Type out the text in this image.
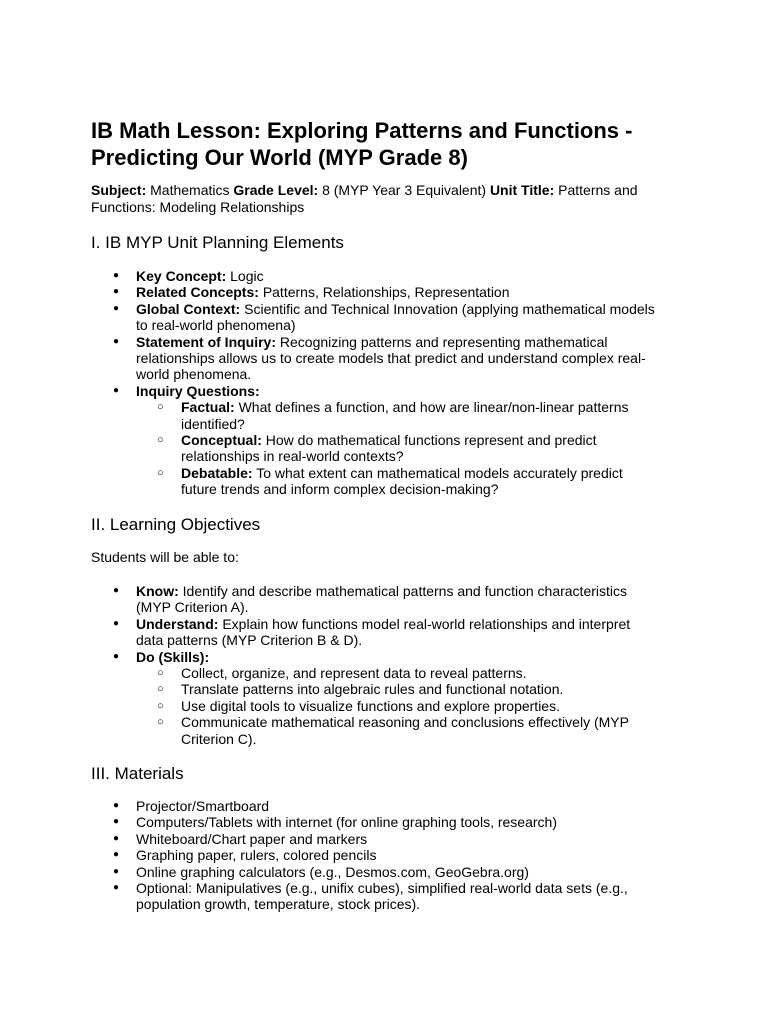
IB Math Lesson: Exploring Patterns and Functions - Predicting Our World (MYP Grade 8)

Subject: Mathematics Grade Level: 8 (MYP Year 3 Equivalent) Unit Title: Patterns and Functions: Modeling Relationships

I. IB MYP Unit Planning Elements
● Key Concept: Logic
● Related Concepts: Patterns, Relationships, Representation
● Global Context: Scientific and Technical Innovation (applying mathematical models to real-world phenomena)
● Statement of Inquiry: Recognizing patterns and representing mathematical relationships allows us to create models that predict and understand complex real-world phenomena.
● Inquiry Questions:
○ Factual: What defines a function, and how are linear/non-linear patterns identified?
○ Conceptual: How do mathematical functions represent and predict relationships in real-world contexts?
○ Debatable: To what extent can mathematical models accurately predict future trends and inform complex decision-making?
II. Learning Objectives

Students will be able to:

● Know: Identify and describe mathematical patterns and function characteristics (MYP Criterion A).
● Understand: Explain how functions model real-world relationships and interpret data patterns (MYP Criterion B & D).
● Do (Skills):
○ Collect, organize, and represent data to reveal patterns.
○ Translate patterns into algebraic rules and functional notation.
○ Use digital tools to visualize functions and explore properties.
○ Communicate mathematical reasoning and conclusions effectively (MYP Criterion C).
III. Materials
● Projector/Smartboard
● Computers/Tablets with internet (for online graphing tools, research)
● Whiteboard/Chart paper and markers
● Graphing paper, rulers, colored pencils
● Online graphing calculators (e.g., Desmos.com, GeoGebra.org)
● Optional: Manipulatives (e.g., unifix cubes), simplified real-world data sets (e.g., population growth, temperature, stock prices).
